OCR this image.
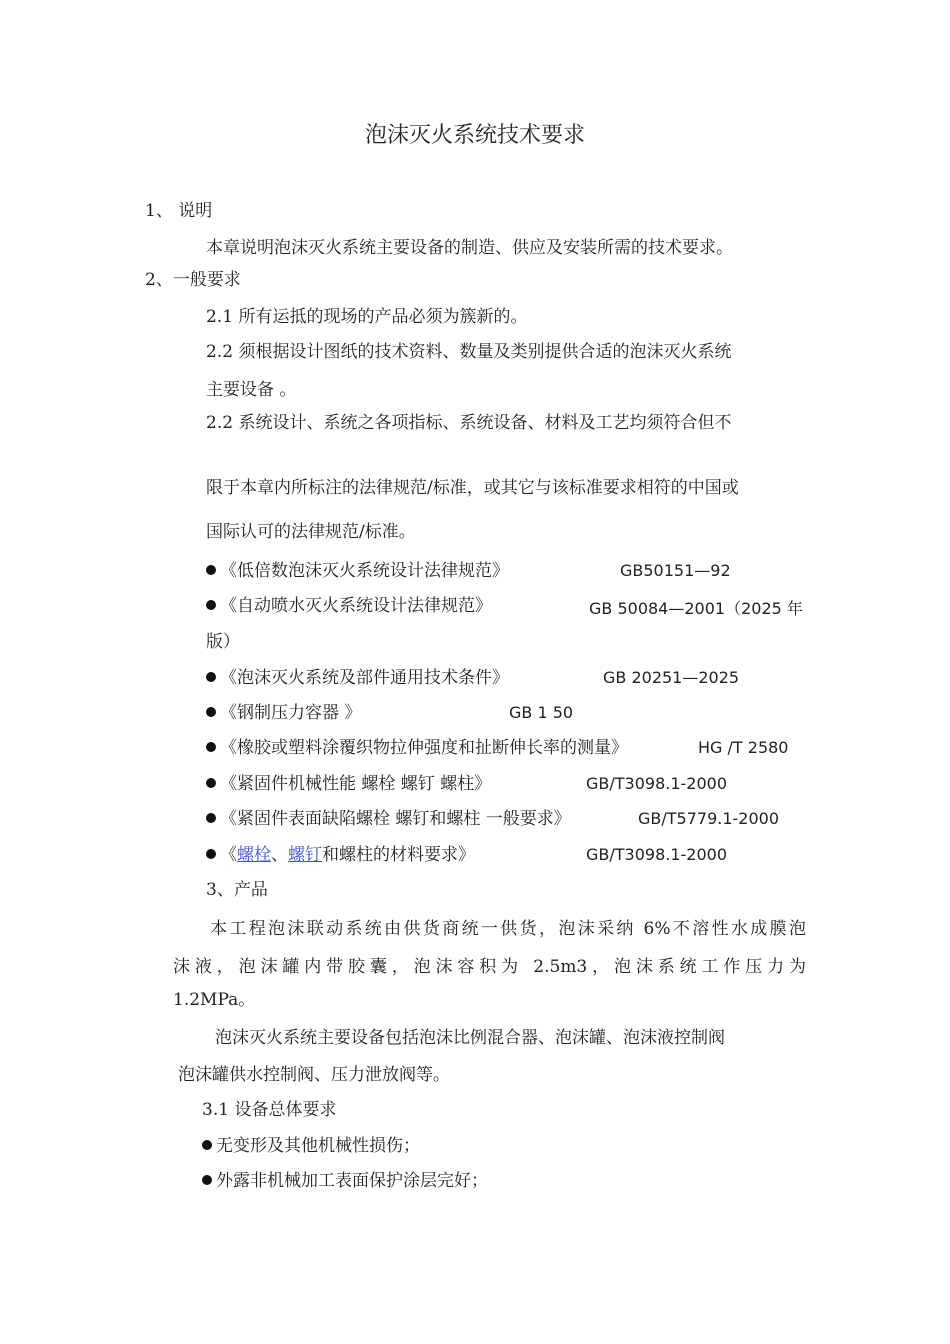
泡沫灭火系统技术要求
1、 说明
本章说明泡沫灭火系统主要设备的制造、供应及安装所需的技术要求。
2、一般要求
2.1 所有运抵的现场的产品必须为簇新的。
2.2 须根据设计图纸的技术资料、数量及类别提供合适的泡沫灭火系统
主要设备 。
2.2 系统设计、系统之各项指标、系统设备、材料及工艺均须符合但不
限于本章内所标注的法律规范/标准，或其它与该标准要求相符的中国或
国际认可的法律规范/标准。
《低倍数泡沫灭火系统设计法律规范》	GB50151—92
《自动喷水灭火系统设计法律规范》	GB 50084—2001（2025 年
版）
《泡沫灭火系统及部件通用技术条件》	GB 20251—2025
《钢制压力容器 》	GB 1 50
《橡胶或塑料涂覆织物拉伸强度和扯断伸长率的测量》	HG /T 2580
《紧固件机械性能 螺栓 螺钉 螺柱》	GB/T3098.1-2000
《紧固件表面缺陷螺栓 螺钉和螺柱 一般要求》	GB/T5779.1-2000
《螺栓、螺钉和螺柱的材料要求》	GB/T3098.1-2000
3、产品
本工程泡沫联动系统由供货商统一供货，泡沫采纳 6%不溶性水成膜泡
沫液，泡沫罐内带胶囊，泡沫容积为 2.5m3，泡沫系统工作压力为
1.2MPa。
泡沫灭火系统主要设备包括泡沫比例混合器、泡沫罐、泡沫液控制阀
泡沫罐供水控制阀、压力泄放阀等。
3.1 设备总体要求
无变形及其他机械性损伤；
外露非机械加工表面保护涂层完好；
